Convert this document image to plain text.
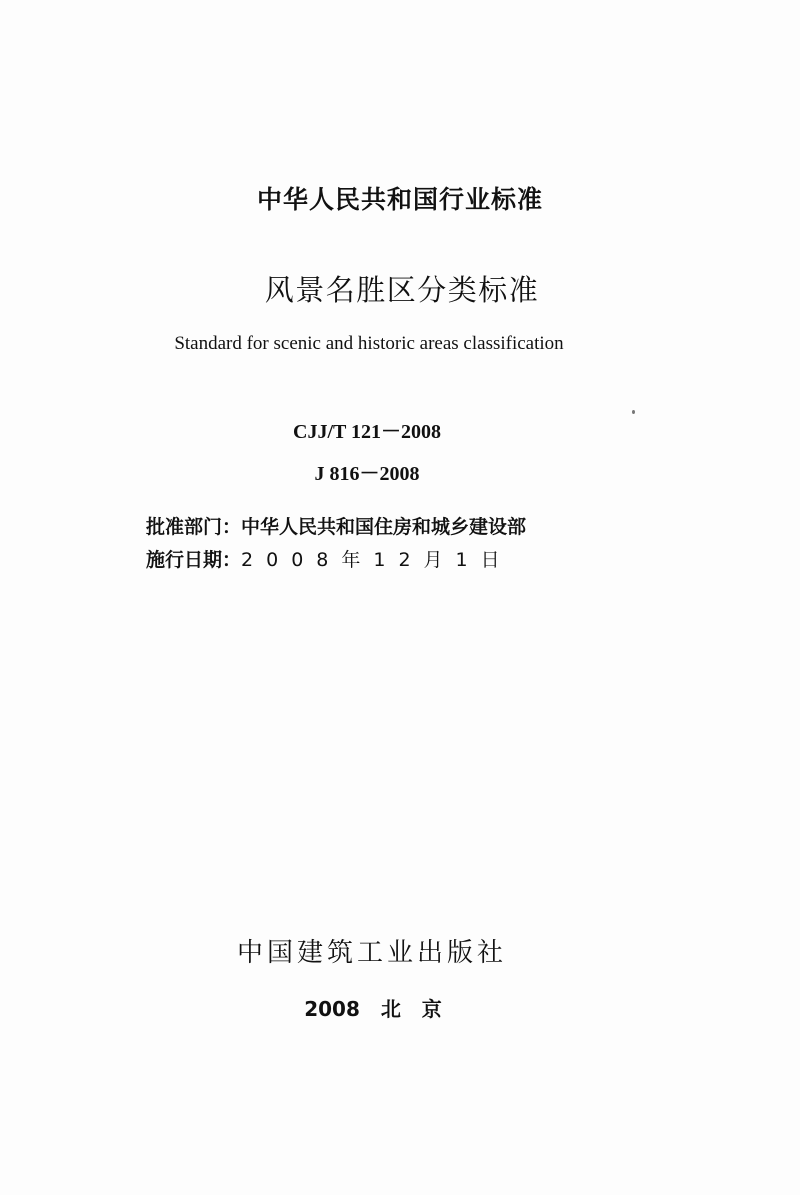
中华人民共和国行业标准
风景名胜区分类标准
Standard for scenic and historic areas classification
CJJ/T 121－2008
J 816－2008
批准部门：中华人民共和国住房和城乡建设部
施行日期：2008年12月1日
中国建筑工业出版社
2008 北 京
